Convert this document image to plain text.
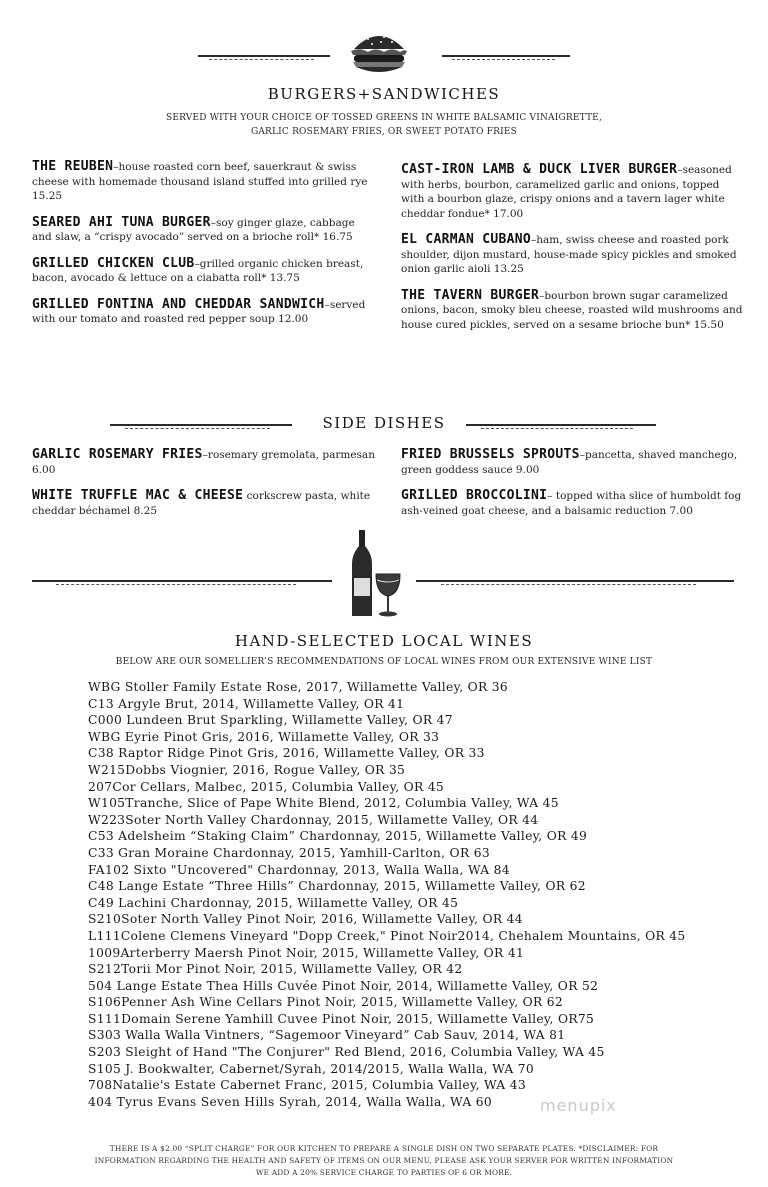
BURGERS+SANDWICHES
SERVED WITH YOUR CHOICE OF TOSSED GREENS IN WHITE BALSAMIC VINAIGRETTE,
GARLIC ROSEMARY FRIES, OR SWEET POTATO FRIES
THE REUBEN–house roasted corn beef, sauerkraut & swiss cheese with homemade thousand island stuffed into grilled rye 15.25
SEARED AHI TUNA BURGER–soy ginger glaze, cabbage and slaw, a “crispy avocado” served on a brioche roll* 16.75
GRILLED CHICKEN CLUB–grilled organic chicken breast, bacon, avocado & lettuce on a ciabatta roll* 13.75
GRILLED FONTINA AND CHEDDAR SANDWICH–served with our tomato and roasted red pepper soup 12.00
CAST-IRON LAMB & DUCK LIVER BURGER–seasoned with herbs, bourbon, caramelized garlic and onions, topped with a bourbon glaze, crispy onions and a tavern lager white cheddar fondue* 17.00
EL CARMAN CUBANO–ham, swiss cheese and roasted pork shoulder, dijon mustard, house-made spicy pickles and smoked onion garlic aioli 13.25
THE TAVERN BURGER–bourbon brown sugar caramelized onions, bacon, smoky bleu cheese, roasted wild mushrooms and house cured pickles, served on a sesame brioche bun* 15.50
SIDE DISHES
GARLIC ROSEMARY FRIES–rosemary gremolata, parmesan 6.00
WHITE TRUFFLE MAC & CHEESE corkscrew pasta, white cheddar béchamel 8.25
FRIED BRUSSELS SPROUTS–pancetta, shaved manchego, green goddess sauce 9.00
GRILLED BROCCOLINI– topped witha slice of humboldt fog ash-veined goat cheese, and a balsamic reduction 7.00
HAND-SELECTED LOCAL WINES
BELOW ARE OUR SOMELLIER’S RECOMMENDATIONS OF LOCAL WINES FROM OUR EXTENSIVE WINE LIST
WBG Stoller Family Estate Rose, 2017, Willamette Valley, OR 36
C13 Argyle Brut, 2014, Willamette Valley, OR 41
C000 Lundeen Brut Sparkling, Willamette Valley, OR 47
WBG Eyrie Pinot Gris, 2016, Willamette Valley, OR 33
C38 Raptor Ridge Pinot Gris, 2016, Willamette Valley, OR 33
W215Dobbs Viognier, 2016, Rogue Valley, OR 35
207Cor Cellars, Malbec, 2015, Columbia Valley, OR 45
W105Tranche, Slice of Pape White Blend, 2012, Columbia Valley, WA 45
W223Soter North Valley Chardonnay, 2015, Willamette Valley, OR 44
C53 Adelsheim “Staking Claim” Chardonnay, 2015, Willamette Valley, OR 49
C33 Gran Moraine Chardonnay, 2015, Yamhill-Carlton, OR 63
FA102 Sixto "Uncovered" Chardonnay, 2013, Walla Walla, WA 84
C48 Lange Estate “Three Hills” Chardonnay, 2015, Willamette Valley, OR 62
C49 Lachini Chardonnay, 2015, Willamette Valley, OR 45
S210Soter North Valley Pinot Noir, 2016, Willamette Valley, OR 44
L111Colene Clemens Vineyard "Dopp Creek," Pinot Noir2014, Chehalem Mountains, OR 45
1009Arterberry Maersh Pinot Noir, 2015, Willamette Valley, OR 41
S212Torii Mor Pinot Noir, 2015, Willamette Valley, OR 42
504 Lange Estate Thea Hills Cuvée Pinot Noir, 2014, Willamette Valley, OR 52
S106Penner Ash Wine Cellars Pinot Noir, 2015, Willamette Valley, OR 62
S111Domain Serene Yamhill Cuvee Pinot Noir, 2015, Willamette Valley, OR75
S303 Walla Walla Vintners, “Sagemoor Vineyard” Cab Sauv, 2014, WA 81
S203 Sleight of Hand "The Conjurer" Red Blend, 2016, Columbia Valley, WA 45
S105 J. Bookwalter, Cabernet/Syrah, 2014/2015, Walla Walla, WA 70
708Natalie's Estate Cabernet Franc, 2015, Columbia Valley, WA 43
404 Tyrus Evans Seven Hills Syrah, 2014, Walla Walla, WA 60	menupix
THERE IS A $2.00 “SPLIT CHARGE” FOR OUR KITCHEN TO PREPARE A SINGLE DISH ON TWO SEPARATE PLATES. *DISCLAIMER: FOR
INFORMATION REGARDING THE HEALTH AND SAFETY OF ITEMS ON OUR MENU, PLEASE ASK YOUR SERVER FOR WRITTEN INFORMATION
WE ADD A 20% SERVICE CHARGE TO PARTIES OF 6 OR MORE.
